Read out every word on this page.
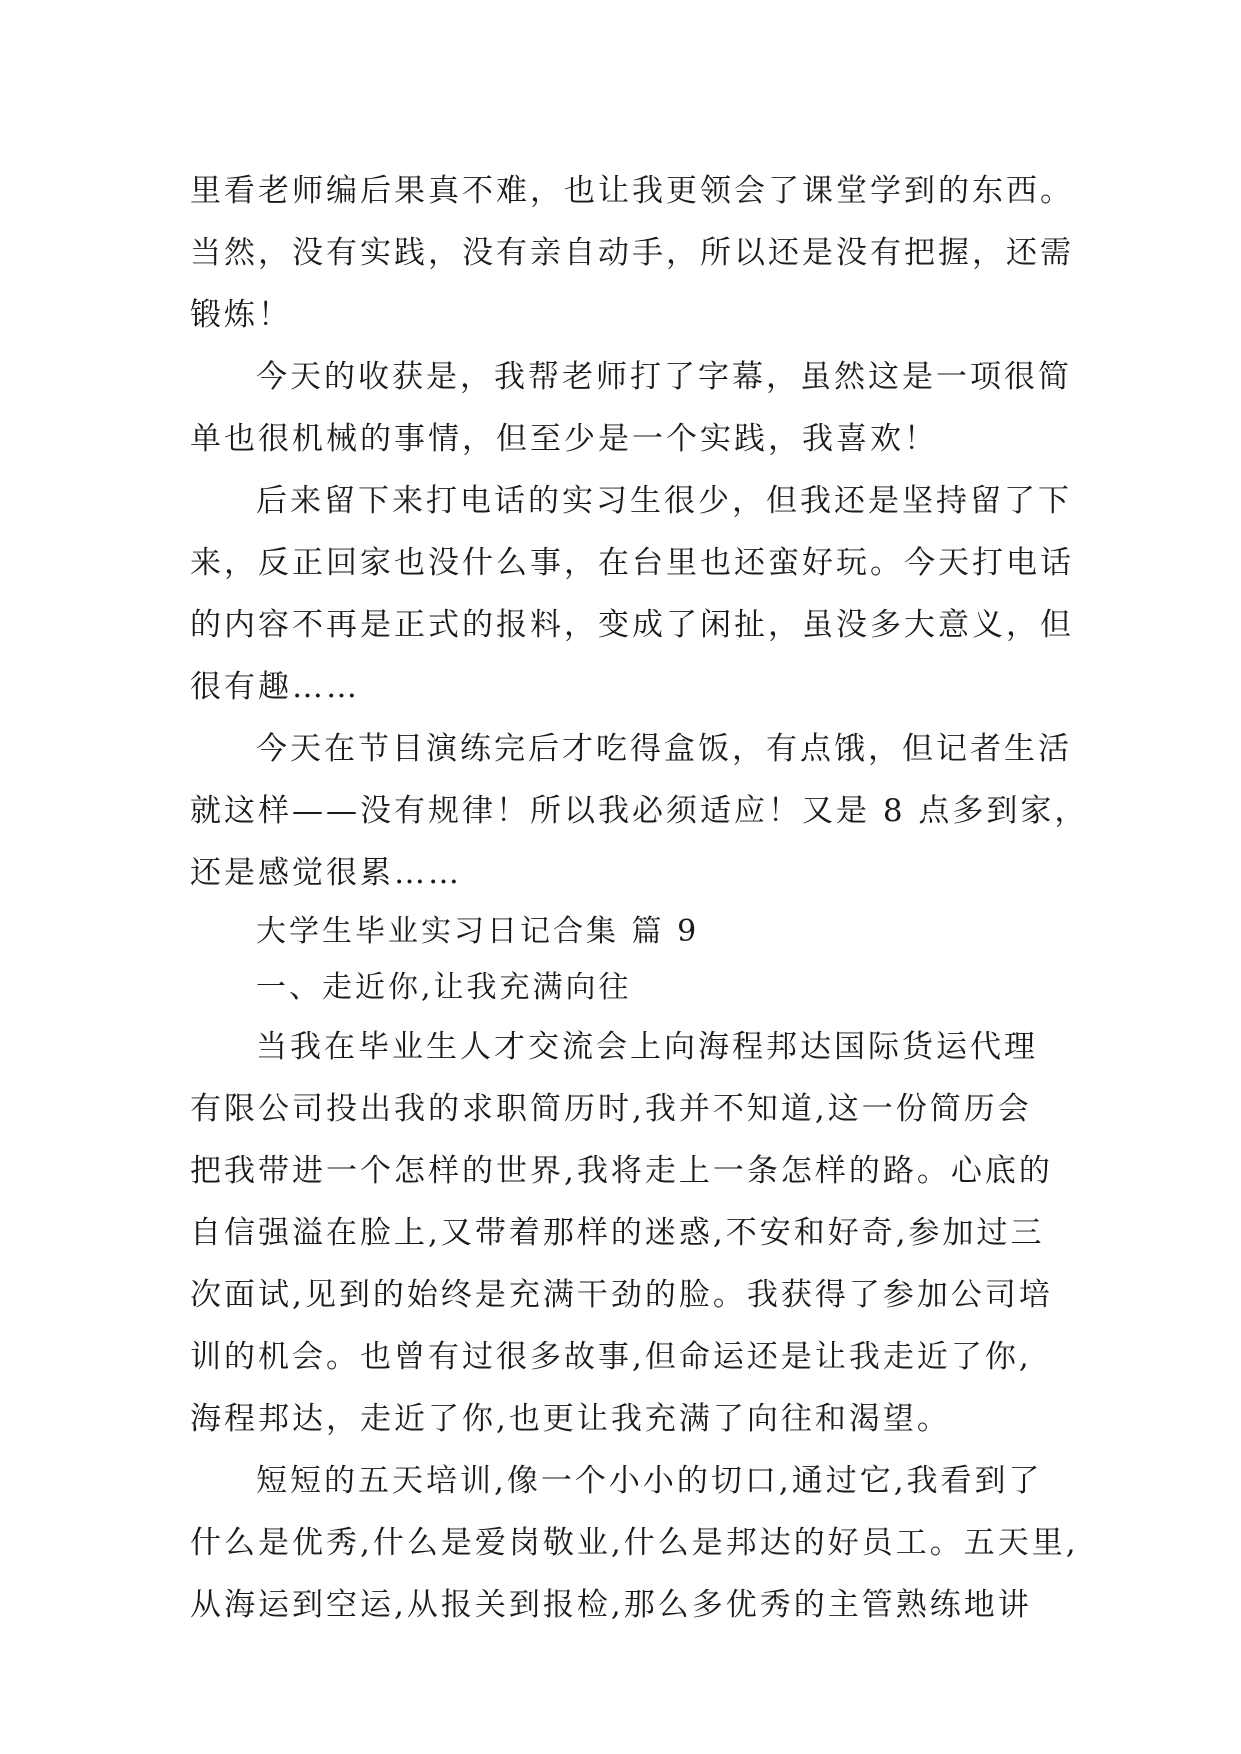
里看老师编后果真不难，也让我更领会了课堂学到的东西。
当然，没有实践，没有亲自动手，所以还是没有把握，还需
锻炼！
今天的收获是，我帮老师打了字幕，虽然这是一项很简
单也很机械的事情，但至少是一个实践，我喜欢！
后来留下来打电话的实习生很少，但我还是坚持留了下
来，反正回家也没什么事，在台里也还蛮好玩。今天打电话
的内容不再是正式的报料，变成了闲扯，虽没多大意义，但
很有趣……
今天在节目演练完后才吃得盒饭，有点饿，但记者生活
就这样——没有规律！所以我必须适应！又是 8 点多到家，
还是感觉很累……
大学生毕业实习日记合集 篇 9
一、走近你,让我充满向往
当我在毕业生人才交流会上向海程邦达国际货运代理
有限公司投出我的求职简历时,我并不知道,这一份简历会
把我带进一个怎样的世界,我将走上一条怎样的路。心底的
自信强溢在脸上,又带着那样的迷惑,不安和好奇,参加过三
次面试,见到的始终是充满干劲的脸。我获得了参加公司培
训的机会。也曾有过很多故事,但命运还是让我走近了你,
海程邦达，走近了你,也更让我充满了向往和渴望。
短短的五天培训,像一个小小的切口,通过它,我看到了
什么是优秀,什么是爱岗敬业,什么是邦达的好员工。五天里,
从海运到空运,从报关到报检,那么多优秀的主管熟练地讲
